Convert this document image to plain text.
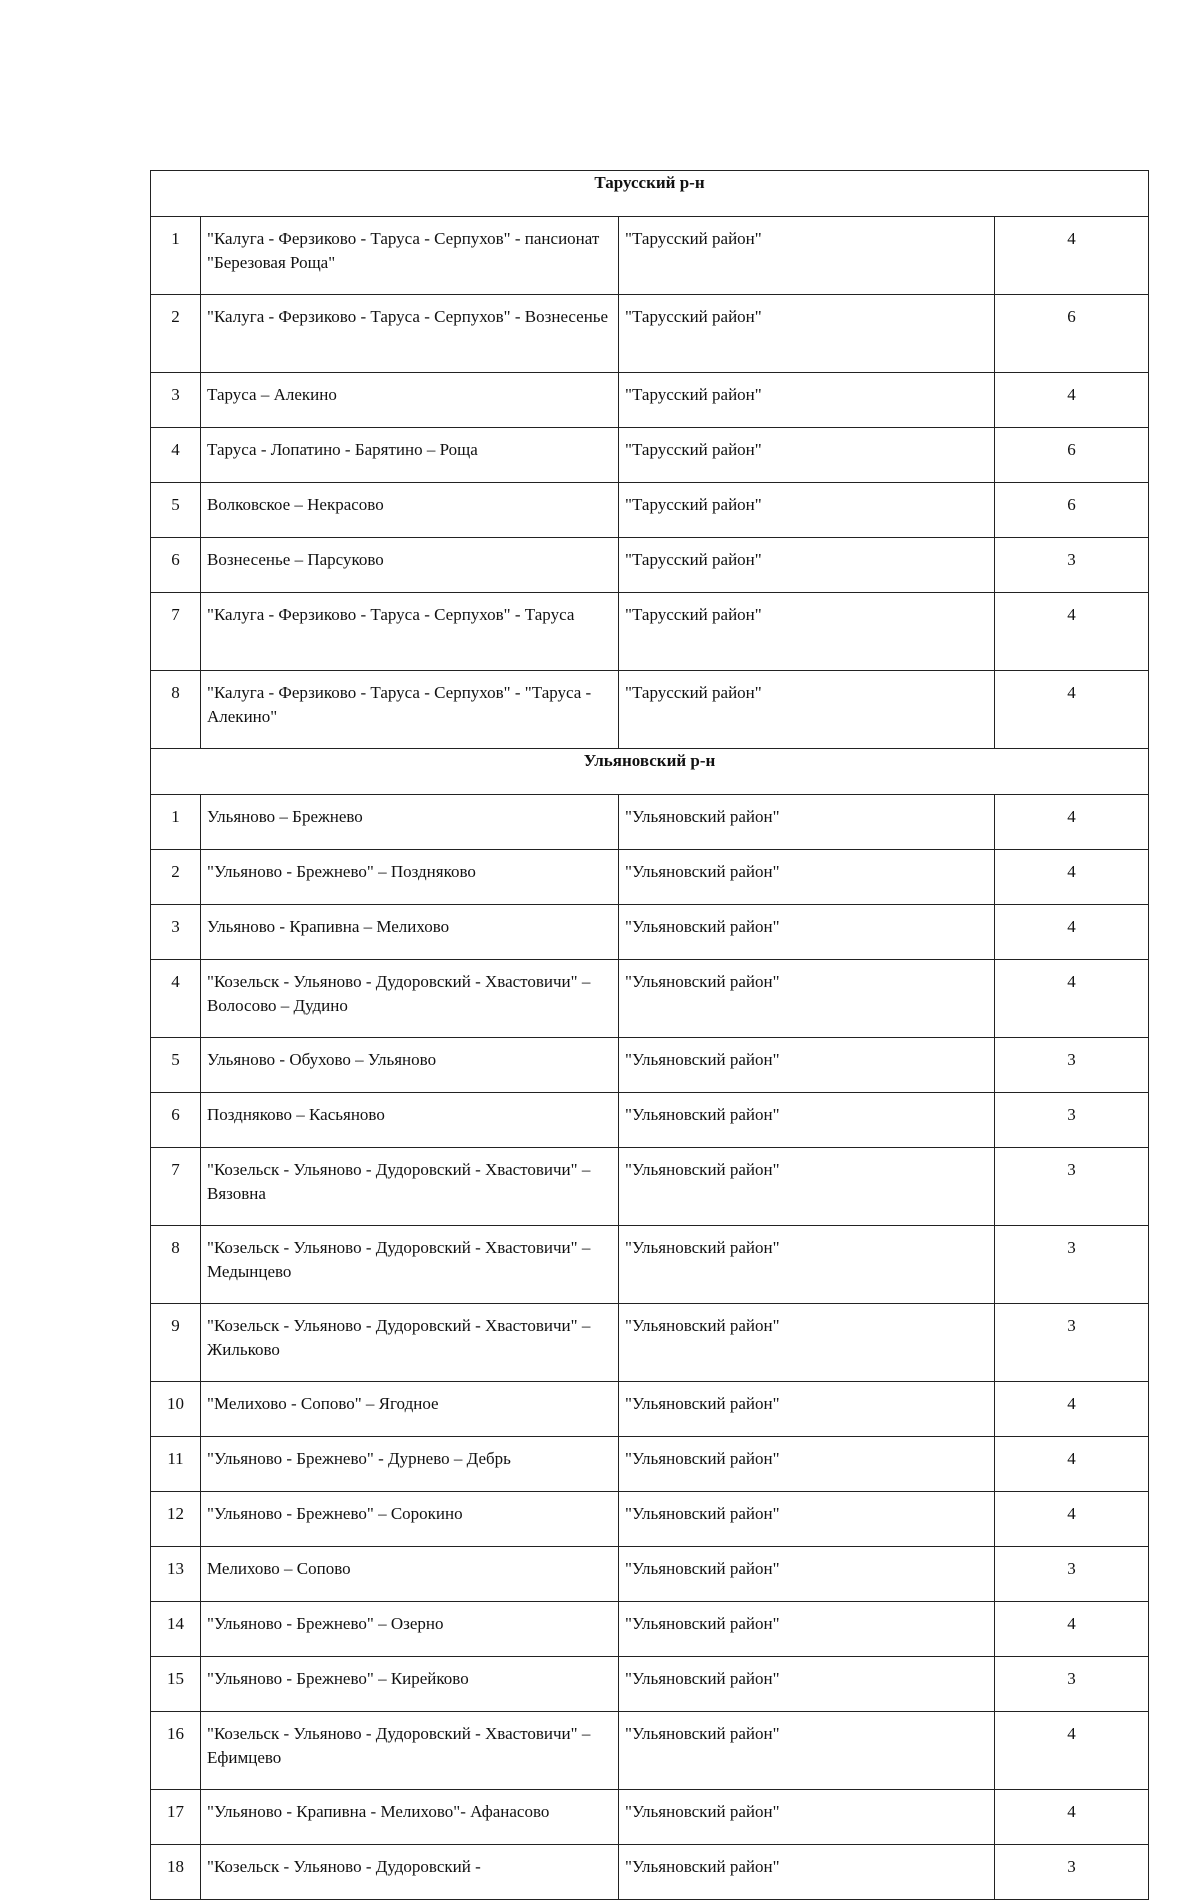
Тарусский р-н			
1	"Калуга - Ферзиково - Таруса - Серпухов" - пансионат "Березовая Роща"	"Тарусский район"	4
2	"Калуга - Ферзиково - Таруса - Серпухов" - Вознесенье	"Тарусский район"	6
3	Таруса – Алекино	"Тарусский район"	4
4	Таруса - Лопатино - Барятино – Роща	"Тарусский район"	6
5	Волковское – Некрасово	"Тарусский район"	6
6	Вознесенье – Парсуково	"Тарусский район"	3
7	"Калуга - Ферзиково - Таруса - Серпухов" - Таруса	"Тарусский район"	4
8	"Калуга - Ферзиково - Таруса - Серпухов" - "Таруса - Алекино"	"Тарусский район"	4
Ульяновский р-н			
1	Ульяново – Брежнево	"Ульяновский район"	4
2	"Ульяново - Брежнево" – Поздняково	"Ульяновский район"	4
3	Ульяново - Крапивна – Мелихово	"Ульяновский район"	4
4	"Козельск - Ульяново - Дудоровский - Хвастовичи" – Волосово – Дудино	"Ульяновский район"	4
5	Ульяново - Обухово – Ульяново	"Ульяновский район"	3
6	Поздняково – Касьяново	"Ульяновский район"	3
7	"Козельск - Ульяново - Дудоровский - Хвастовичи" – Вязовна	"Ульяновский район"	3
8	"Козельск - Ульяново - Дудоровский - Хвастовичи" – Медынцево	"Ульяновский район"	3
9	"Козельск - Ульяново - Дудоровский - Хвастовичи" – Жильково	"Ульяновский район"	3
10	"Мелихово - Сопово" – Ягодное	"Ульяновский район"	4
11	"Ульяново - Брежнево" - Дурнево – Дебрь	"Ульяновский район"	4
12	"Ульяново - Брежнево" – Сорокино	"Ульяновский район"	4
13	Мелихово – Сопово	"Ульяновский район"	3
14	"Ульяново - Брежнево" – Озерно	"Ульяновский район"	4
15	"Ульяново - Брежнево" – Кирейково	"Ульяновский район"	3
16	"Козельск - Ульяново - Дудоровский - Хвастовичи" – Ефимцево	"Ульяновский район"	4
17	"Ульяново - Крапивна - Мелихово"- Афанасово	"Ульяновский район"	4
18	"Козельск - Ульяново - Дудоровский -	"Ульяновский район"	3
